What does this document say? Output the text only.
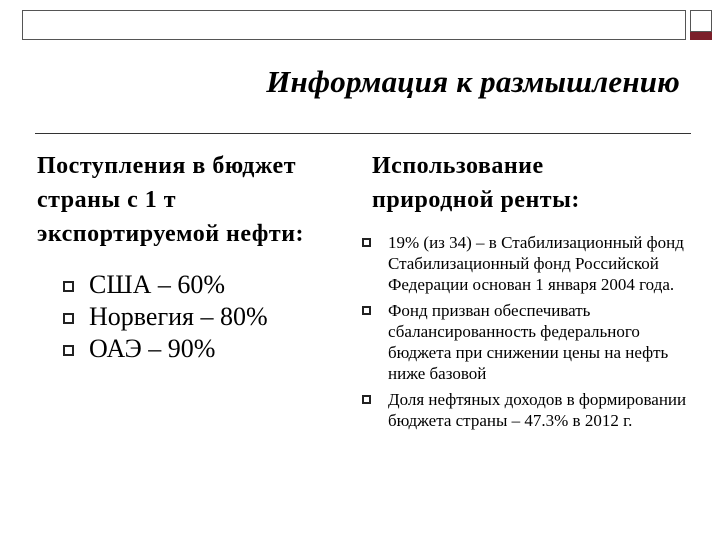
Информация к размышлению

Поступления в бюджет страны с 1 т экспортируемой нефти:

США – 60%
Норвегия – 80%
ОАЭ – 90%

Использование природной ренты:

19% (из 34) – в Стабилизационный фонд Стабилизационный фонд Российской Федерации основан 1 января 2004 года.
Фонд призван обеспечивать сбалансированность федерального бюджета при снижении цены на нефть ниже базовой
Доля нефтяных доходов в формировании бюджета страны – 47.3% в 2012 г.
